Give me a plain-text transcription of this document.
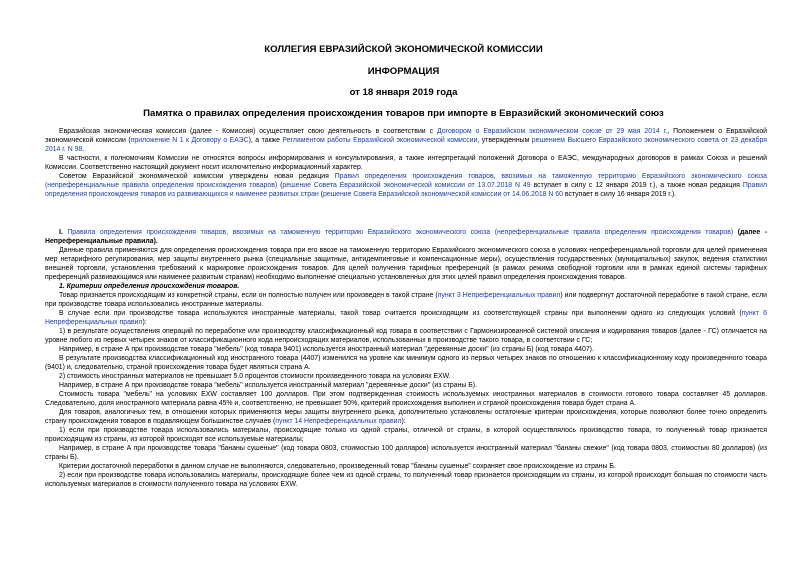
КОЛЛЕГИЯ ЕВРАЗИЙСКОЙ ЭКОНОМИЧЕСКОЙ КОМИССИИ
ИНФОРМАЦИЯ
от 18 января 2019 года
Памятка о правилах определения происхождения товаров при импорте в Евразийский экономический союз

Евразийская экономическая комиссия (далее - Комиссия) осуществляет свою деятельность в соответствии с Договором о Евразийском экономическом союзе от 29 мая 2014 г., Положением о Евразийской экономической комиссии (приложение N 1 к Договору о ЕАЭС), а также Регламентом работы Евразийской экономической комиссии, утвержденным решением Высшего Евразийского экономического совета от 23 декабря 2014 г. N 98.

В частности, к полномочиям Комиссии не относятся вопросы информирования и консультирования, а также интерпретаций положений Договора о ЕАЭС, международных договоров в рамках Союза и решений Комиссии. Соответственно настоящий документ носит исключительно информационный характер.

Советом Евразийской экономической комиссии утверждены новая редакция Правил определения происхождения товаров, ввозимых на таможенную территорию Евразийского экономического союза (непреференциальные правила определения происхождения товаров) (решение Совета Евразийской экономической комиссии от 13.07.2018 N 49 вступает в силу с 12 января 2019 г.), а также новая редакция Правил определения происхождения товаров из развивающихся и наименее развитых стран (решение Совета Евразийской экономической комиссии от 14.06.2018 N 60 вступает в силу 16 января 2019 г.).

I. Правила определения происхождения товаров, ввозимых на таможенную территорию Евразийского экономического союза (непреференциальные правила определения происхождения товаров) (далее - Непреференциальные правила).

Данные правила применяются для определения происхождения товара при его ввозе на таможенную территорию Евразийского экономического союза в условиях непреференциальной торговли для целей применения мер нетарифного регулирования, мер защиты внутреннего рынка (специальные защитные, антидемпинговые и компенсационные меры), осуществления государственных (муниципальных) закупок, ведения статистики внешней торговли, установления требований к маркировке происхождения товаров. Для целей получения тарифных преференций (в рамках режима свободной торговли или в рамках единой системы тарифных преференций развивающимся или наименее развитым странам) необходимо выполнение специально установленных для этих целей правил определения происхождения товаров.

1. Критерии определения происхождения товаров.

Товар признается происходящим из конкретной страны, если он полностью получен или произведен в такой стране (пункт 3 Непреференциальных правил) или подвергнут достаточной переработке в такой стране, если при производстве товара использовались иностранные материалы.

В случае если при производстве товара используются иностранные материалы, такой товар считается происходящим из соответствующей страны при выполнении одного из следующих условий (пункт 6 Непреференциальных правил):

1) в результате осуществления операций по переработке или производству классификационный код товара в соответствии с Гармонизированной системой описания и кодирования товаров (далее - ГС) отличается на уровне любого из первых четырех знаков от классификационного кода непроисходящих материалов, использованных в производстве такого товара, в соответствии с ГС;

Например, в стране А при производстве товара "мебель" (код товара 9401) используется иностранный материал "деревянные доски" (из страны Б) (код товара 4407).

В результате производства классификационный код иностранного товара (4407) изменился на уровне как минимум одного из первых четырех знаков по отношению к классификационному коду произведенного товара (9401) и, следовательно, страной происхождения товара будет являться страна А.

2) стоимость иностранных материалов не превышает 5.0 процентов стоимости произведенного товара на условиях EXW.

Например, в стране А при производстве товара "мебель" используется иностранный материал "деревянные доски" (из страны Б).

Стоимость товара "мебель" на условиях EXW составляет 100 долларов. При этом подтвержденная стоимость используемых иностранных материалов в стоимости готового товара составляет 45 долларов. Следовательно, доля иностранного материала равна 45% и, соответственно, не превышает 50%, критерий происхождения выполнен и страной происхождения товара будет страна А.

Для товаров, аналогичных тем, в отношении которых применяются меры защиты внутреннего рынка, дополнительно установлены остаточные критерии происхождения, которые позволяют более точно определить страну происхождения товаров в подавляющем большинстве случаев (пункт 14 Непреференциальных правил):

1) если при производстве товара использовались материалы, происходящие только из одной страны, отличной от страны, в которой осуществлялось производство товара, то полученный товар признается происходящим из страны, из которой происходят все используемые материалы;

Например, в стране А при производстве товара "бананы сушеные" (код товара 0803, стоимостью 100 долларов) используется иностранный материал "бананы свежие" (код товара 0803, стоимостью 80 долларов) (из страны Б).

Критерии достаточной переработки в данном случае не выполняются, следовательно, произведенный товар "бананы сушеные" сохраняет свое происхождение из страны Б.

2) если при производстве товара использовались материалы, происходящие более чем из одной страны, то полученный товар признается происходящим из страны, из которой происходит большая по стоимости часть используемых материалов в стоимости полученного товара на условиях EXW.
